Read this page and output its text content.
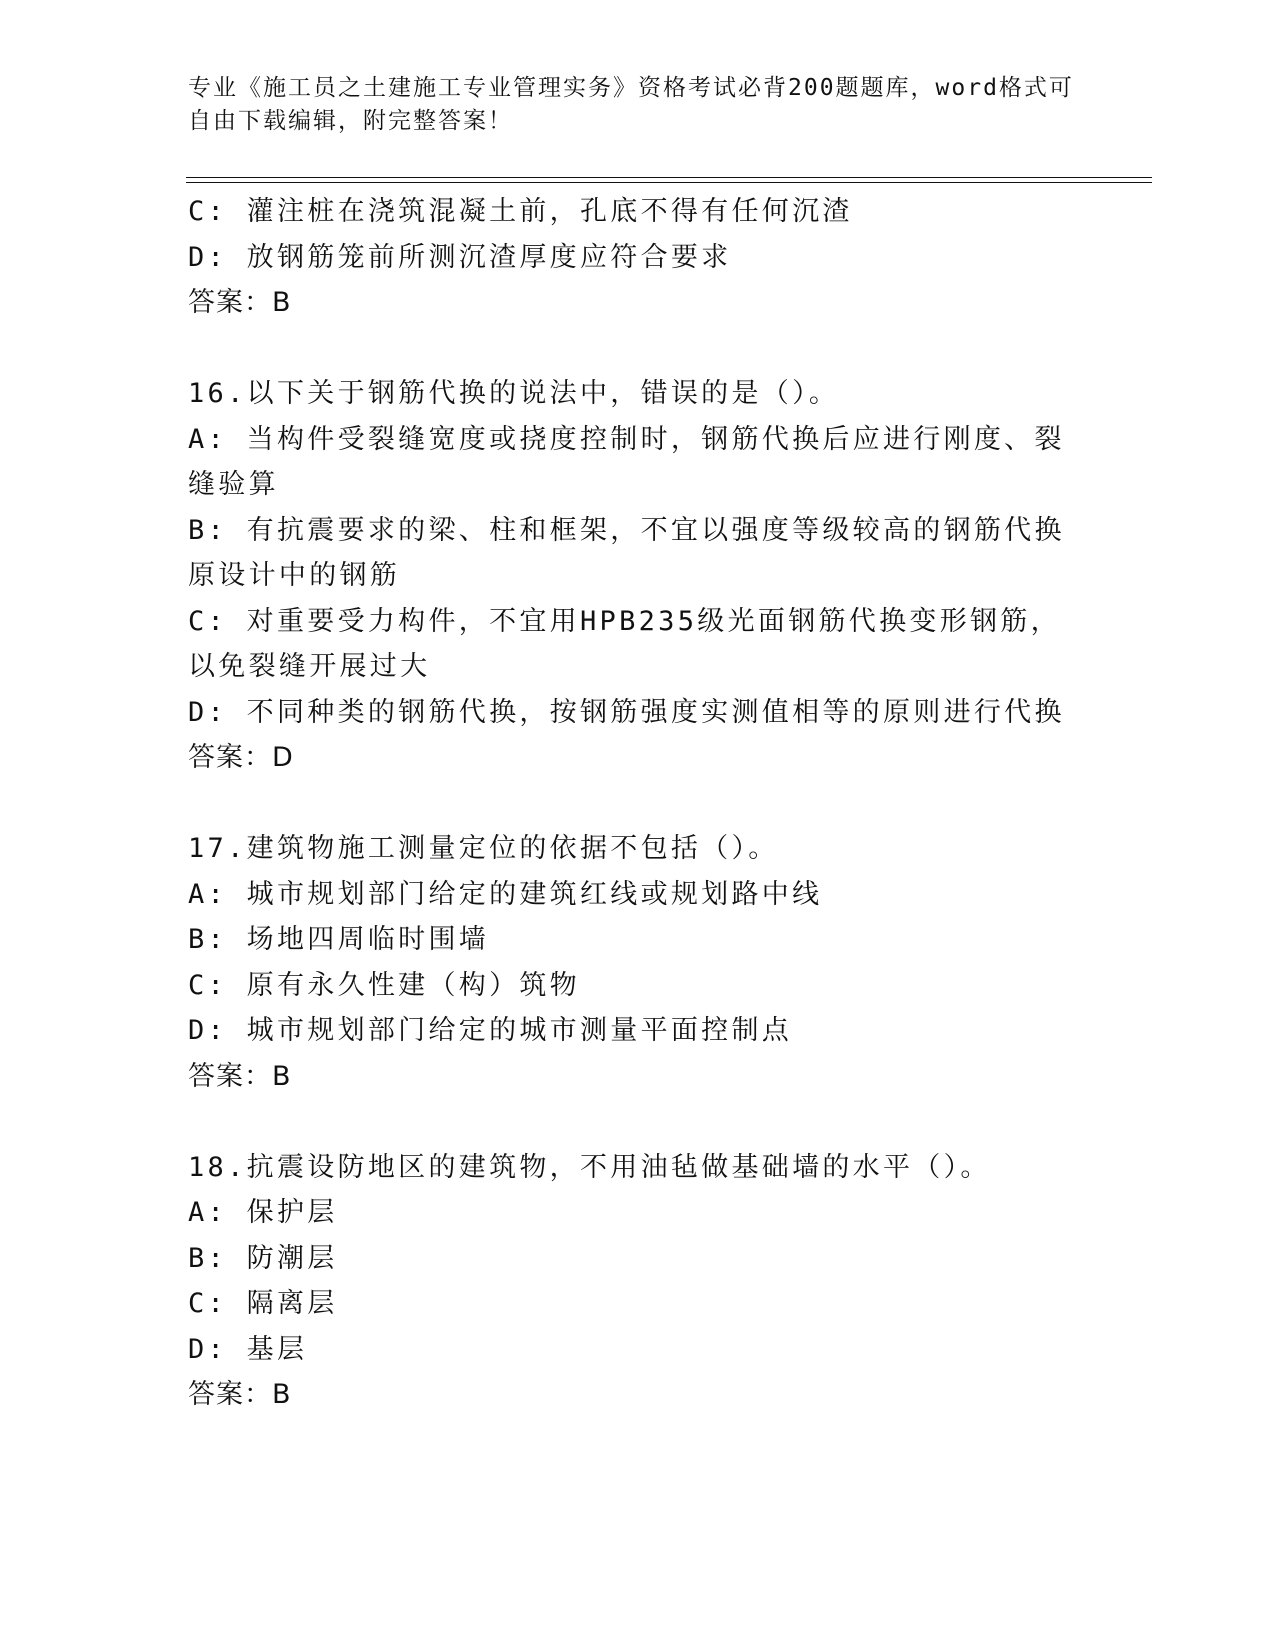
专业《施工员之土建施工专业管理实务》资格考试必背200题题库，word格式可自由下载编辑，附完整答案！
C: 灌注桩在浇筑混凝土前，孔底不得有任何沉渣
D: 放钢筋笼前所测沉渣厚度应符合要求
答案：B
16.以下关于钢筋代换的说法中，错误的是（）。
A: 当构件受裂缝宽度或挠度控制时，钢筋代换后应进行刚度、裂缝验算
B: 有抗震要求的梁、柱和框架，不宜以强度等级较高的钢筋代换原设计中的钢筋
C: 对重要受力构件，不宜用HPB235级光面钢筋代换变形钢筋，以免裂缝开展过大
D: 不同种类的钢筋代换，按钢筋强度实测值相等的原则进行代换
答案：D
17.建筑物施工测量定位的依据不包括（）。
A: 城市规划部门给定的建筑红线或规划路中线
B: 场地四周临时围墙
C: 原有永久性建（构）筑物
D: 城市规划部门给定的城市测量平面控制点
答案：B
18.抗震设防地区的建筑物，不用油毡做基础墙的水平（）。
A: 保护层
B: 防潮层
C: 隔离层
D: 基层
答案：B
